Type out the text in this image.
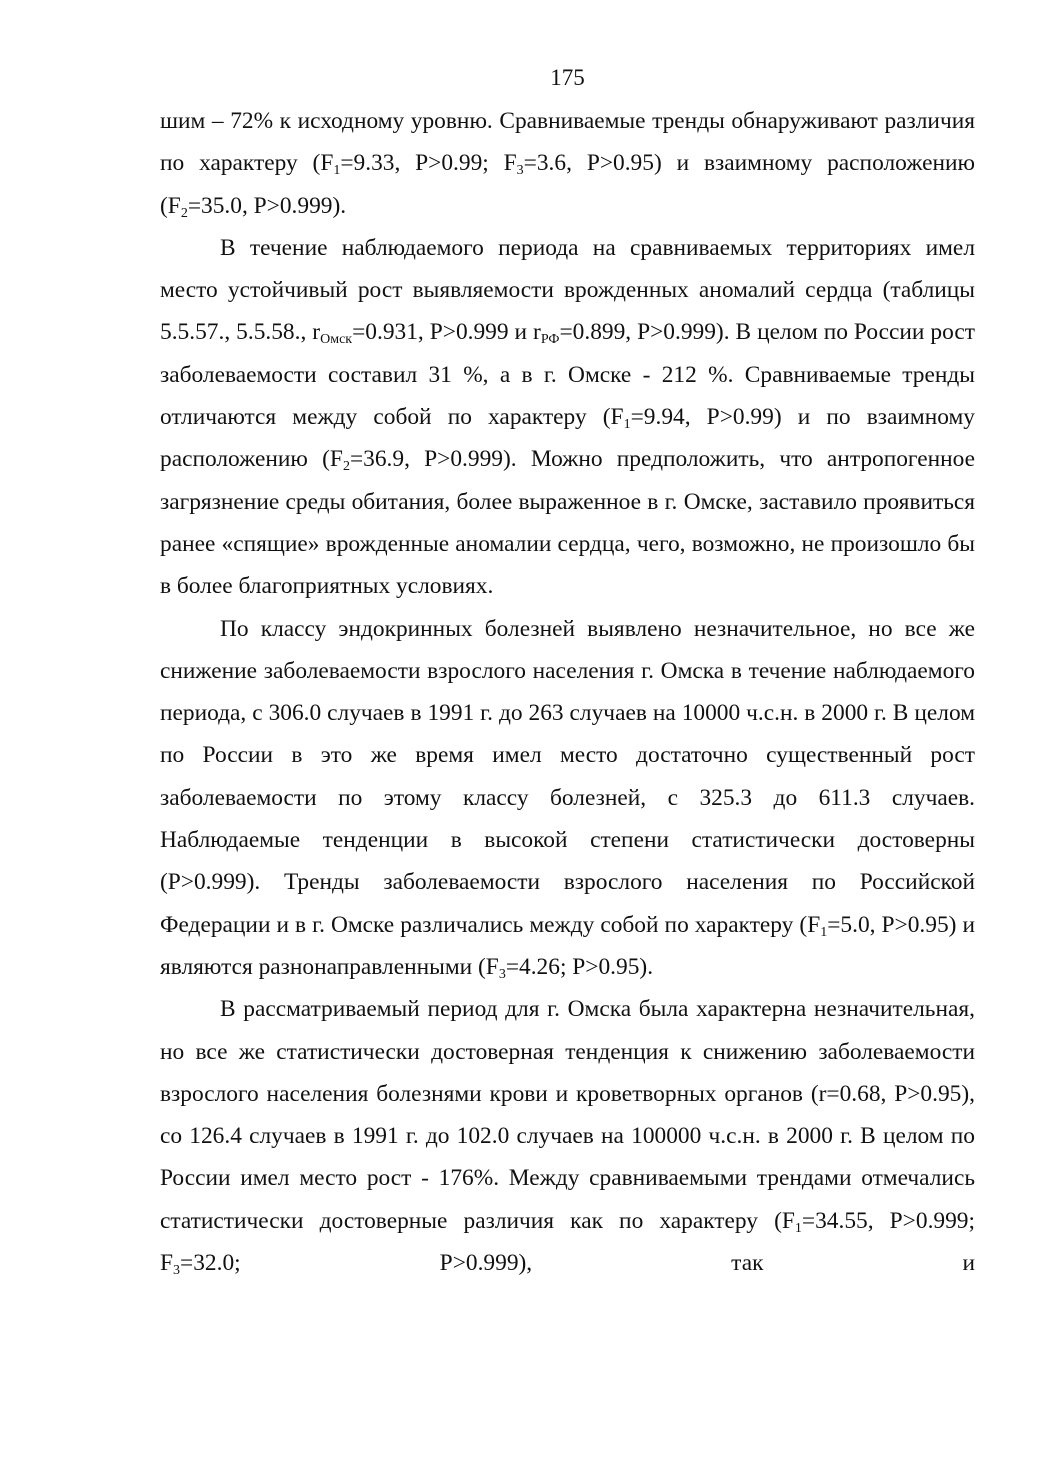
175

шим – 72% к исходному уровню. Сравниваемые тренды обнаруживают различия по характеру ($F_1=9.33$, P>0.99; $F_3=3.6$, P>0.95) и взаимному расположению ($F_2=35.0$, P>0.999).

В течение наблюдаемого периода на сравниваемых территориях имел место устойчивый рост выявляемости врожденных аномалий сердца (таблицы 5.5.57., 5.5.58., $r_{Омск}=0.931$, P>0.999 и $r_{РФ}=0.899$, P>0.999). В целом по России рост заболеваемости составил 31 %, а в г. Омске - 212 %. Сравниваемые тренды отличаются между собой по характеру ($F_1=9.94$, P>0.99) и по взаимному расположению ($F_2=36.9$, P>0.999). Можно предположить, что антропогенное загрязнение среды обитания, более выраженное в г. Омске, заставило проявиться ранее «спящие» врожденные аномалии сердца, чего, возможно, не произошло бы в более благоприятных условиях.

По классу эндокринных болезней выявлено незначительное, но все же снижение заболеваемости взрослого населения г. Омска в течение наблюдаемого периода, с 306.0 случаев в 1991 г. до 263 случаев на 10000 ч.с.н. в 2000 г. В целом по России в это же время имел место достаточно существенный рост заболеваемости по этому классу болезней, с 325.3 до 611.3 случаев. Наблюдаемые тенденции в высокой степени статистически достоверны (P>0.999). Тренды заболеваемости взрослого населения по Российской Федерации и в г. Омске различались между собой по характеру ($F_1=5.0$, P>0.95) и являются разнонаправленными ($F_3=4.26$; P>0.95).

В рассматриваемый период для г. Омска была характерна незначительная, но все же статистически достоверная тенденция к снижению заболеваемости взрослого населения болезнями крови и кроветворных органов (r=0.68, P>0.95), со 126.4 случаев в 1991 г. до 102.0 случаев на 100000 ч.с.н. в 2000 г. В целом по России имел место рост - 176%. Между сравниваемыми трендами отмечались статистически достоверные различия как по характеру ($F_1=34.55$, P>0.999; $F_3=32.0$; P>0.999), так и
